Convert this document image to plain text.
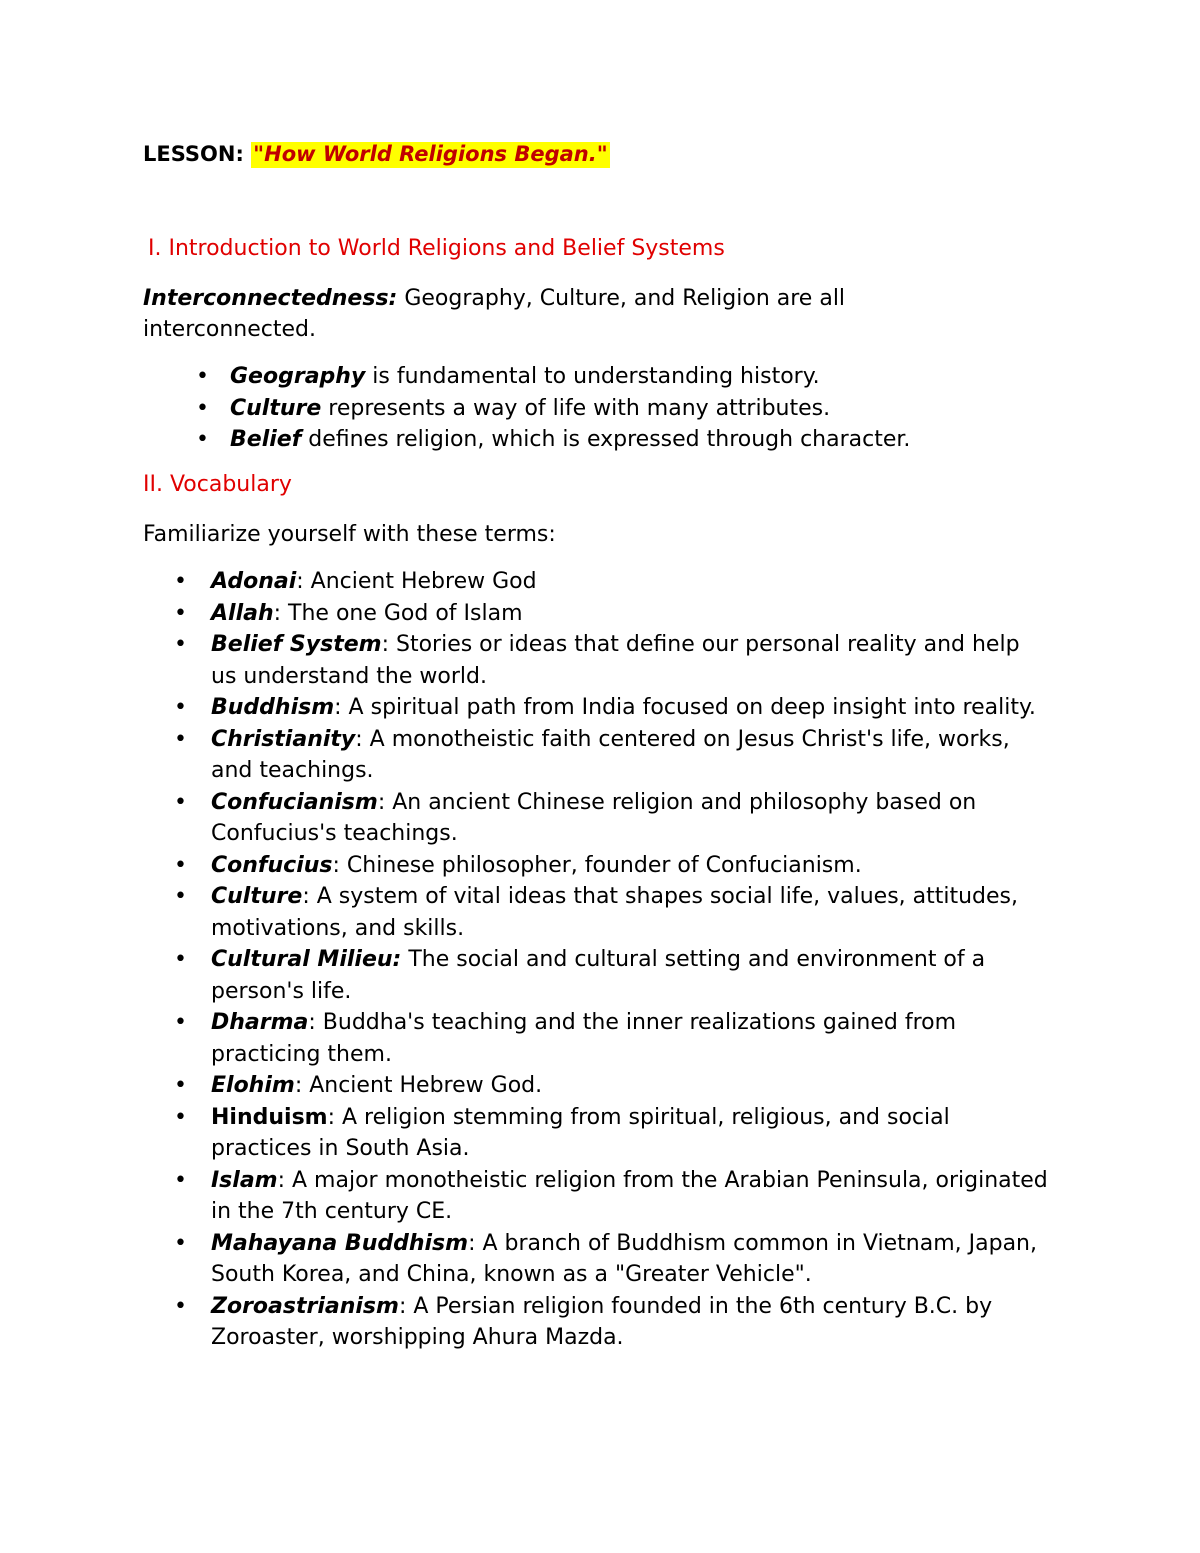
LESSON: "How World Religions Began."
I. Introduction to World Religions and Belief Systems
Interconnectedness: Geography, Culture, and Religion are all interconnected.
• Geography is fundamental to understanding history.
• Culture represents a way of life with many attributes.
• Belief defines religion, which is expressed through character.
II. Vocabulary
Familiarize yourself with these terms:
• Adonai: Ancient Hebrew God
• Allah: The one God of Islam
• Belief System: Stories or ideas that define our personal reality and help us understand the world.
• Buddhism: A spiritual path from India focused on deep insight into reality.
• Christianity: A monotheistic faith centered on Jesus Christ's life, works, and teachings.
• Confucianism: An ancient Chinese religion and philosophy based on Confucius's teachings.
• Confucius: Chinese philosopher, founder of Confucianism.
• Culture: A system of vital ideas that shapes social life, values, attitudes, motivations, and skills.
• Cultural Milieu: The social and cultural setting and environment of a person's life.
• Dharma: Buddha's teaching and the inner realizations gained from practicing them.
• Elohim: Ancient Hebrew God.
• Hinduism: A religion stemming from spiritual, religious, and social practices in South Asia.
• Islam: A major monotheistic religion from the Arabian Peninsula, originated in the 7th century CE.
• Mahayana Buddhism: A branch of Buddhism common in Vietnam, Japan, South Korea, and China, known as a "Greater Vehicle".
• Zoroastrianism: A Persian religion founded in the 6th century B.C. by Zoroaster, worshipping Ahura Mazda.
